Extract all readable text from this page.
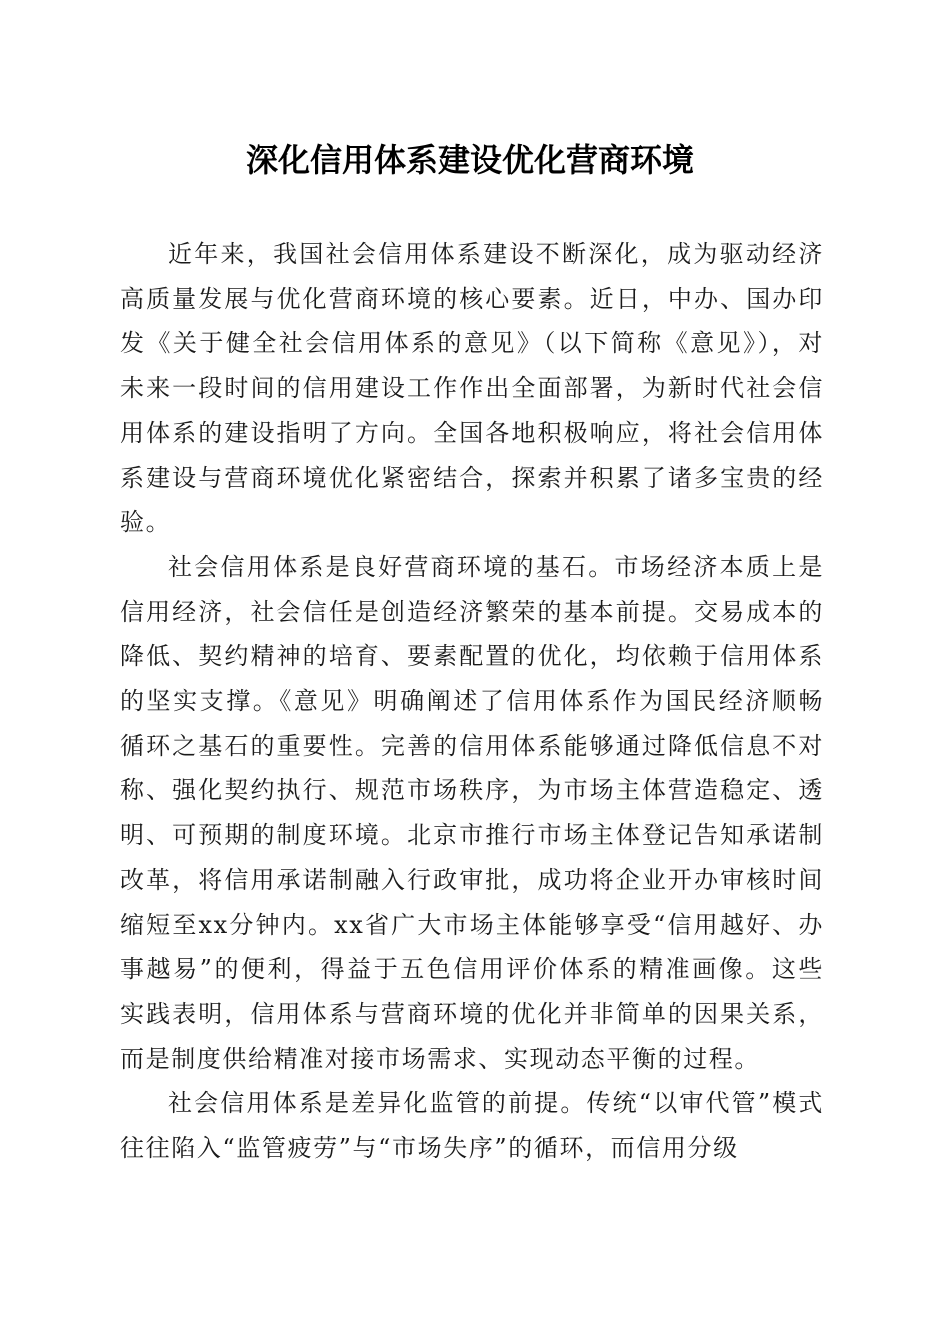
深化信用体系建设优化营商环境

近年来，我国社会信用体系建设不断深化，成为驱动经济高质量发展与优化营商环境的核心要素。近日，中办、国办印发《关于健全社会信用体系的意见》（以下简称《意见》），对未来一段时间的信用建设工作作出全面部署，为新时代社会信用体系的建设指明了方向。全国各地积极响应，将社会信用体系建设与营商环境优化紧密结合，探索并积累了诸多宝贵的经验。

社会信用体系是良好营商环境的基石。市场经济本质上是信用经济，社会信任是创造经济繁荣的基本前提。交易成本的降低、契约精神的培育、要素配置的优化，均依赖于信用体系的坚实支撑。《意见》明确阐述了信用体系作为国民经济顺畅循环之基石的重要性。完善的信用体系能够通过降低信息不对称、强化契约执行、规范市场秩序，为市场主体营造稳定、透明、可预期的制度环境。北京市推行市场主体登记告知承诺制改革，将信用承诺制融入行政审批，成功将企业开办审核时间缩短至xx分钟内。xx省广大市场主体能够享受“信用越好、办事越易”的便利，得益于五色信用评价体系的精准画像。这些实践表明，信用体系与营商环境的优化并非简单的因果关系，而是制度供给精准对接市场需求、实现动态平衡的过程。

社会信用体系是差异化监管的前提。传统“以审代管”模式往往陷入“监管疲劳”与“市场失序”的循环，而信用分级
